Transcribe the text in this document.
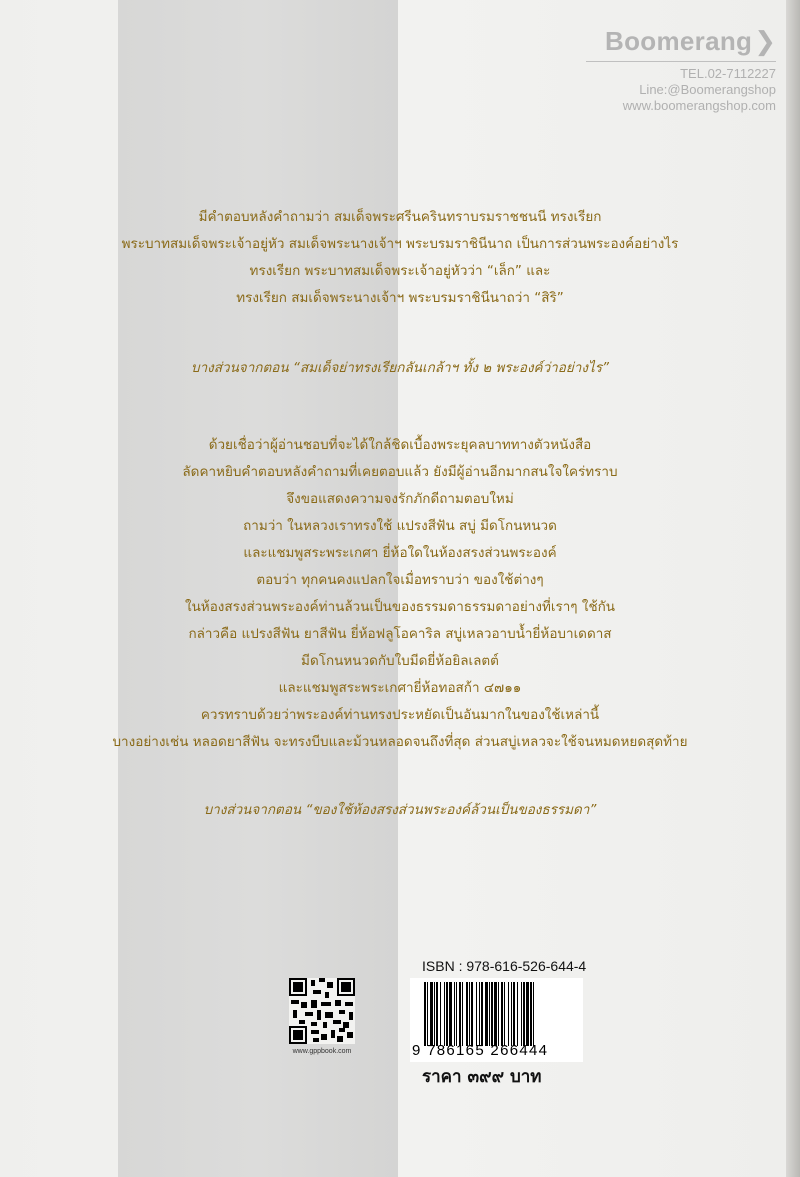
Boomerang❯
TEL.02-7112227
Line:@Boomerangshop
www.boomerangshop.com
มีคำตอบหลังคำถามว่า สมเด็จพระศรีนครินทราบรมราชชนนี ทรงเรียก
พระบาทสมเด็จพระเจ้าอยู่หัว สมเด็จพระนางเจ้าฯ พระบรมราชินีนาถ เป็นการส่วนพระองค์อย่างไร
ทรงเรียก พระบาทสมเด็จพระเจ้าอยู่หัวว่า “เล็ก” และ
ทรงเรียก สมเด็จพระนางเจ้าฯ พระบรมราชินีนาถว่า “สิริ”
บางส่วนจากตอน “สมเด็จย่าทรงเรียกลันเกล้าฯ ทั้ง ๒ พระองค์ว่าอย่างไร”
ด้วยเชื่อว่าผู้อ่านชอบที่จะได้ใกล้ชิดเบื้องพระยุคลบาททางตัวหนังสือ
ลัดคาหยิบคำตอบหลังคำถามที่เคยตอบแล้ว ยังมีผู้อ่านอีกมากสนใจใคร่ทราบ
จึงขอแสดงความจงรักภักดีถามตอบใหม่
ถามว่า ในหลวงเราทรงใช้ แปรงสีฟัน สบู่ มีดโกนหนวด
และแชมพูสระพระเกศา ยี่ห้อใดในห้องสรงส่วนพระองค์
ตอบว่า ทุกคนคงแปลกใจเมื่อทราบว่า ของใช้ต่างๆ
ในห้องสรงส่วนพระองค์ท่านล้วนเป็นของธรรมดาธรรมดาอย่างที่เราๆ ใช้กัน
กล่าวคือ แปรงสีฟัน ยาสีฟัน ยี่ห้อฟลูโอคาริล สบู่เหลวอาบน้ำยี่ห้อบาเดดาส
มีดโกนหนวดกับใบมีดยี่ห้อยิลเลตต์
และแชมพูสระพระเกศายี่ห้อทอสก้า ๔๗๑๑
ควรทราบด้วยว่าพระองค์ท่านทรงประหยัดเป็นอันมากในของใช้เหล่านี้
บางอย่างเช่น หลอดยาสีฟัน จะทรงบีบและม้วนหลอดจนถึงที่สุด ส่วนสบู่เหลวจะใช้จนหมดหยดสุดท้าย
บางส่วนจากตอน “ของใช้ห้องสรงส่วนพระองค์ล้วนเป็นของธรรมดา”
www.gppbook.com
ISBN : 978-616-526-644-4
9 786165 266444
ราคา ๓๙๙ บาท
